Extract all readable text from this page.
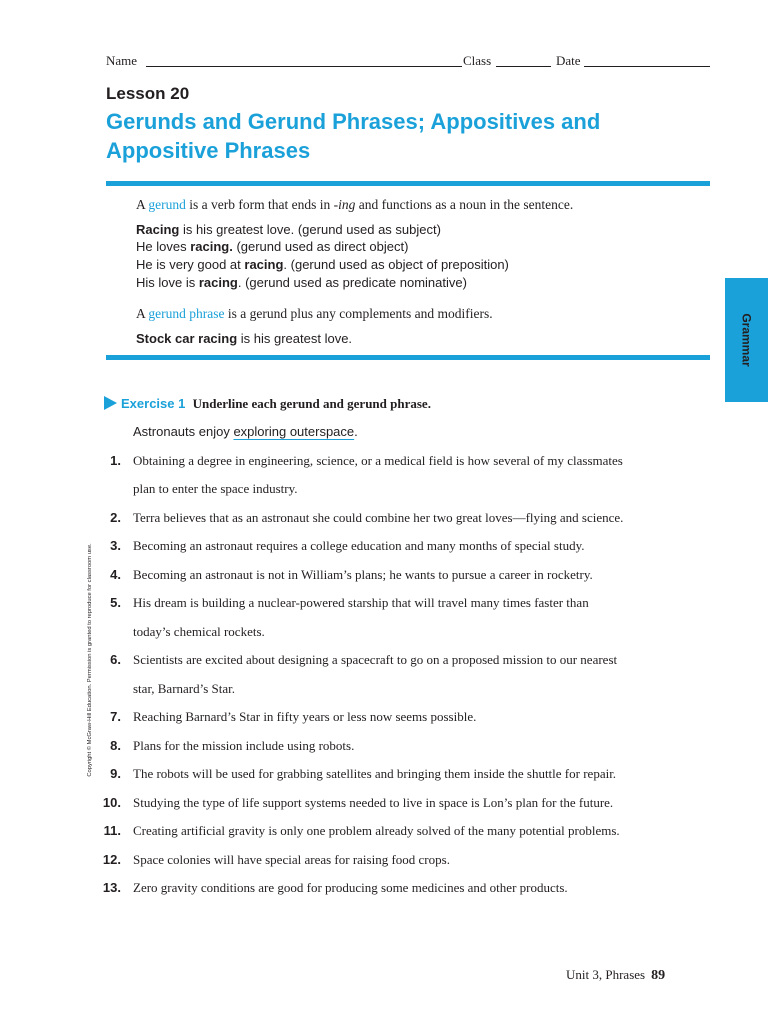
Name	Class	Date
Lesson 20
Gerunds and Gerund Phrases; Appositives and Appositive Phrases
A gerund is a verb form that ends in -ing and functions as a noun in the sentence.
Racing is his greatest love. (gerund used as subject)
He loves racing. (gerund used as direct object)
He is very good at racing. (gerund used as object of preposition)
His love is racing. (gerund used as predicate nominative)
A gerund phrase is a gerund plus any complements and modifiers.
Stock car racing is his greatest love.	Grammar
Copyright © McGraw-Hill Education. Permission is granted to reproduce for classroom use.
Exercise 1 Underline each gerund and gerund phrase.
Astronauts enjoy exploring outerspace.
1. Obtaining a degree in engineering, science, or a medical field is how several of my classmates
plan to enter the space industry.
2. Terra believes that as an astronaut she could combine her two great loves—flying and science.
3. Becoming an astronaut requires a college education and many months of special study.
4. Becoming an astronaut is not in William’s plans; he wants to pursue a career in rocketry.
5. His dream is building a nuclear-powered starship that will travel many times faster than
today’s chemical rockets.
6. Scientists are excited about designing a spacecraft to go on a proposed mission to our nearest
star, Barnard’s Star.
7. Reaching Barnard’s Star in fifty years or less now seems possible.
8. Plans for the mission include using robots.
9. The robots will be used for grabbing satellites and bringing them inside the shuttle for repair.
10. Studying the type of life support systems needed to live in space is Lon’s plan for the future.
11. Creating artificial gravity is only one problem already solved of the many potential problems.
12. Space colonies will have special areas for raising food crops.
13. Zero gravity conditions are good for producing some medicines and other products.
Unit 3, Phrases 89
